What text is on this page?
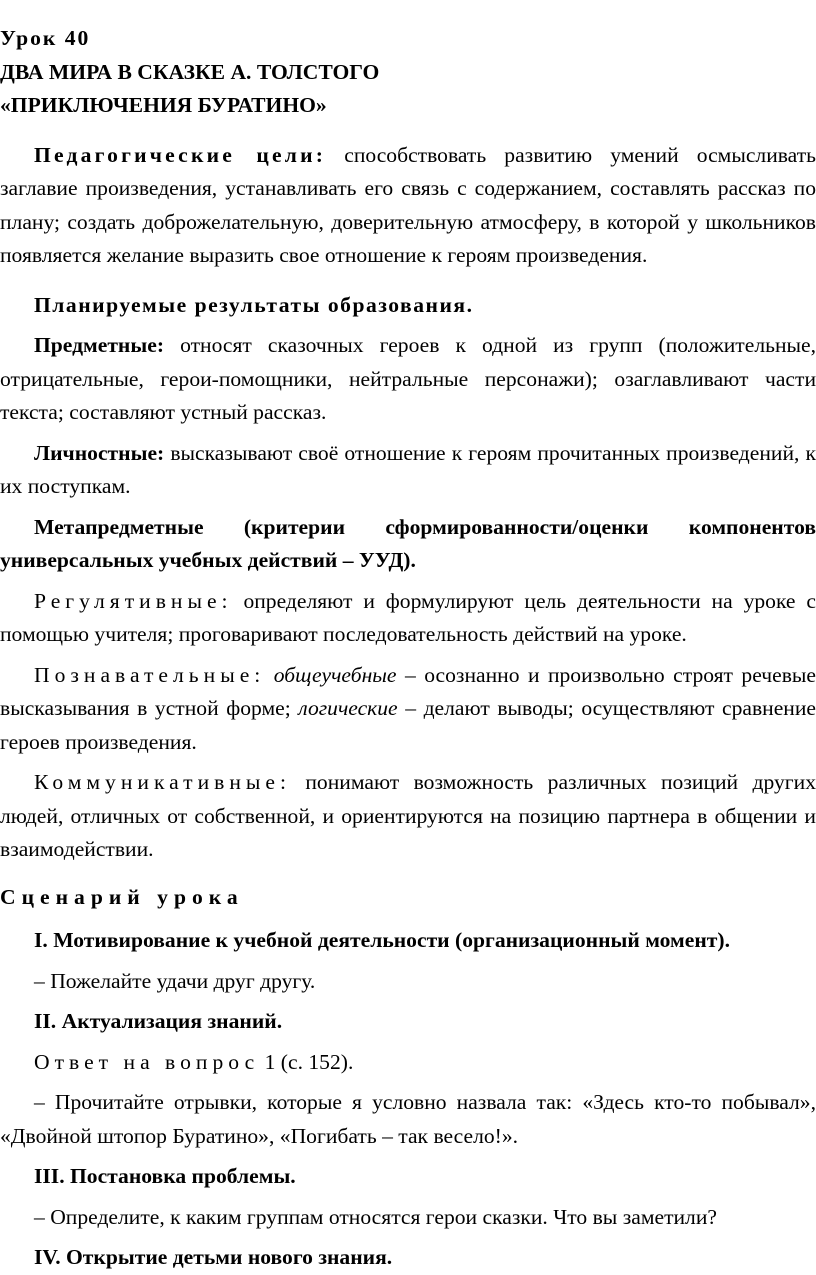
Урок 40

ДВА МИРА В СКАЗКЕ А. ТОЛСТОГО

«ПРИКЛЮЧЕНИЯ БУРАТИНО»

Педагогические цели: способствовать развитию умений осмысливать заглавие произведения, устанавливать его связь с содержанием, составлять рассказ по плану; создать доброжелательную, доверительную атмосферу, в которой у школьников появляется желание выразить свое отношение к героям произведения.

Планируемые результаты образования.

Предметные: относят сказочных героев к одной из групп (положительные, отрицательные, герои-помощники, нейтральные персонажи); озаглавливают части текста; составляют устный рассказ.

Личностные: высказывают своё отношение к героям прочитанных произведений, к их поступкам.

Метапредметные (критерии сформированности/оценки компонентов универсальных учебных действий – УУД).

Регулятивные: определяют и формулируют цель деятельности на уроке с помощью учителя; проговаривают последовательность действий на уроке.

Познавательные: общеучебные – осознанно и произвольно строят речевые высказывания в устной форме; логические – делают выводы; осуществляют сравнение героев произведения.

Коммуникативные: понимают возможность различных позиций других людей, отличных от собственной, и ориентируются на позицию партнера в общении и взаимодействии.

Сценарий урока

I. Мотивирование к учебной деятельности (организационный момент).

– Пожелайте удачи друг другу.

II. Актуализация знаний.

Ответ на вопрос 1 (с. 152).

– Прочитайте отрывки, которые я условно назвала так: «Здесь кто-то побывал», «Двойной штопор Буратино», «Погибать – так весело!».

III. Постановка проблемы.

– Определите, к каким группам относятся герои сказки. Что вы заметили?

IV. Открытие детьми нового знания.
